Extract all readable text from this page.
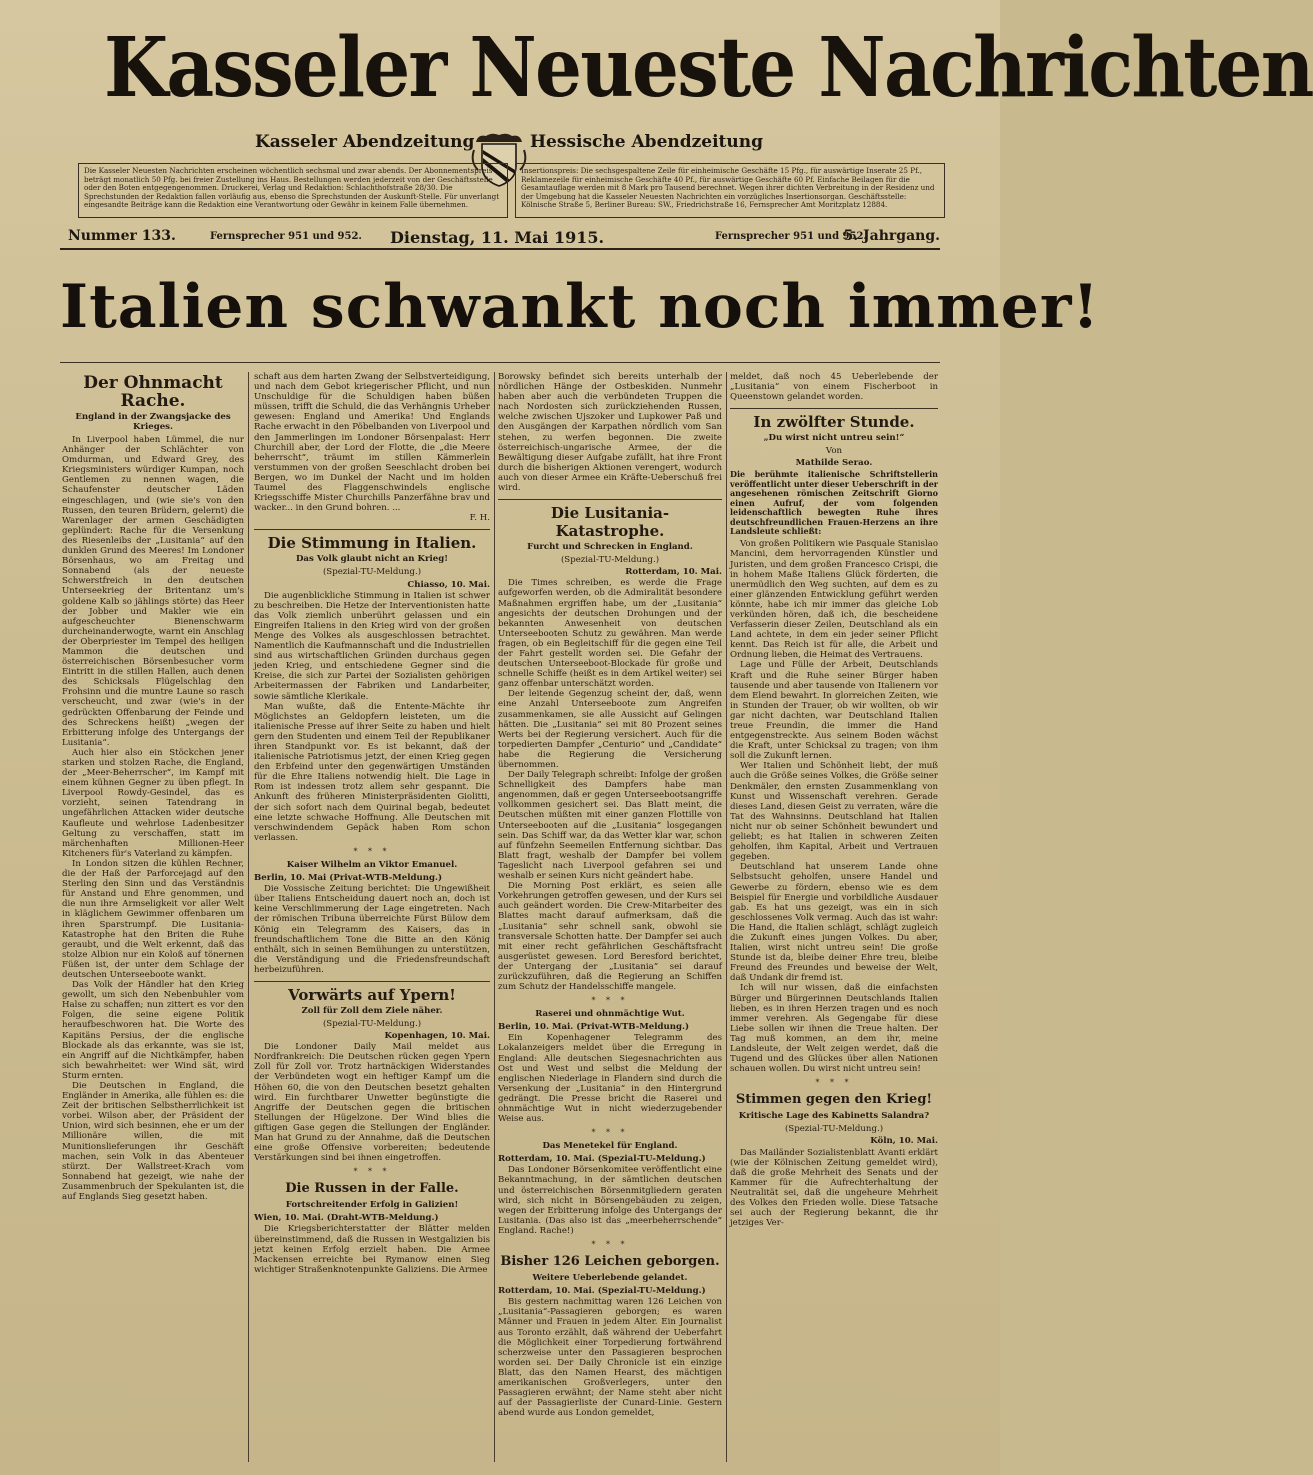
Kasseler Neueste Nachrichten
Kasseler Abendzeitung	Hessische Abendzeitung
Die Kasseler Neuesten Nachrichten erscheinen wöchentlich sechsmal und zwar abends. Der Abonnementspreis beträgt monatlich 50 Pfg. bei freier Zustellung ins Haus. Bestellungen werden jederzeit von der Geschäftsstelle oder den Boten entgegengenommen. Druckerei, Verlag und Redaktion: Schlachthofstraße 28/30. Die Sprechstunden der Redaktion fallen vorläufig aus, ebenso die Sprechstunden der Auskunft-Stelle. Für unverlangt eingesandte Beiträge kann die Redaktion eine Verantwortung oder Gewähr in keinem Falle übernehmen.
Insertionspreis: Die sechsgespaltene Zeile für einheimische Geschäfte 15 Pfg., für auswärtige Inserate 25 Pf., Reklamezeile für einheimische Geschäfte 40 Pf., für auswärtige Geschäfte 60 Pf. Einfache Beilagen für die Gesamtauflage werden mit 8 Mark pro Tausend berechnet. Wegen ihrer dichten Verbreitung in der Residenz und der Umgebung hat die Kasseler Neuesten Nachrichten ein vorzügliches Insertionsorgan. Geschäftsstelle: Kölnische Straße 5, Berliner Bureau: SW., Friedrichstraße 16, Fernsprecher Amt Moritzplatz 12884.
Nummer 133.	Fernsprecher 951 und 952. Dienstag, 11. Mai 1915.	Fernsprecher 951 und 952.
5. Jahrgang.
Italien schwankt noch immer!
Der Ohnmacht Rache.
England in der Zwangsjacke des Krieges.

In Liverpool haben Lümmel, die nur Anhänger der Schlächter von Omdurman, und Edward Grey, des Kriegsministers würdiger Kumpan, noch Gentlemen zu nennen wagen, die Schaufenster deutscher Läden eingeschlagen, und (wie sie's von den Russen, den teuren Brüdern, gelernt) die Warenlager der armen Geschädigten geplündert: Rache für die Versenkung des Riesenleibs der „Lusitania“ auf den dunklen Grund des Meeres! Im Londoner Börsenhaus, wo am Freitag und Sonnabend (als der neueste Schwerstfreich in den deutschen Unterseekrieg der Britentanz um's goldene Kalb so jählings störte) das Heer der Jobber und Makler wie ein aufgescheuchter Bienenschwarm durcheinanderwogte, warnt ein Anschlag der Oberpriester im Tempel des heiligen Mammon die deutschen und österreichischen Börsenbesucher vorm Eintritt in die stillen Hallen, auch denen des Schicksals Flügelschlag den Frohsinn und die muntre Laune so rasch verscheucht, und zwar (wie's in der gedrückten Offenbarung der Feinde und des Schreckens heißt) „wegen der Erbitterung infolge des Untergangs der Lusitania“.

Auch hier also ein Stöckchen jener starken und stolzen Rache, die England, der „Meer-Beherrscher“, im Kampf mit einem kühnen Gegner zu üben pflegt. In Liverpool Rowdy-Gesindel, das es vorzieht, seinen Tatendrang in ungefährlichen Attacken wider deutsche Kaufleute und wehrlose Ladenbesitzer Geltung zu verschaffen, statt im märchenhaften Millionen-Heer Kitcheners für's Vaterland zu kämpfen.

In London sitzen die kühlen Rechner, die der Haß der Parforcejagd auf den Sterling den Sinn und das Verständnis für Anstand und Ehre genommen, und die nun ihre Armseligkeit vor aller Welt in kläglichem Gewimmer offenbaren um ihren Sparstrumpf. Die Lusitania-Katastrophe hat den Briten die Ruhe geraubt, und die Welt erkennt, daß das stolze Albion nur ein Koloß auf tönernen Füßen ist, der unter dem Schlage der deutschen Unterseeboote wankt.

Das Volk der Händler hat den Krieg gewollt, um sich den Nebenbuhler vom Halse zu schaffen; nun zittert es vor den Folgen, die seine eigene Politik heraufbeschworen hat. Die Worte des Kapitäns Persius, der die englische Blockade als das erkannte, was sie ist, ein Angriff auf die Nichtkämpfer, haben sich bewahrheitet: wer Wind sät, wird Sturm ernten.

Die Deutschen in England, die Engländer in Amerika, alle fühlen es: die Zeit der britischen Selbstherrlichkeit ist vorbei. Wilson aber, der Präsident der Union, wird sich besinnen, ehe er um der Millionäre willen, die mit Munitionslieferungen ihr Geschäft machen, sein Volk in das Abenteuer stürzt. Der Wallstreet-Krach vom Sonnabend hat gezeigt, wie nahe der Zusammenbruch der Spekulanten ist, die auf Englands Sieg gesetzt haben.

schaft aus dem harten Zwang der Selbstverteidigung, und nach dem Gebot kriegerischer Pflicht, und nun Unschuldige für die Schuldigen haben büßen müssen, trifft die Schuld, die das Verhängnis Urheber gewesen: England und Amerika! Und Englands Rache erwacht in den Pöbelbanden von Liverpool und den Jammerlingen im Londoner Börsenpalast: Herr Churchill aber, der Lord der Flotte, die „die Meere beherrscht“, träumt im stillen Kämmerlein verstummen von der großen Seeschlacht droben bei Bergen, wo im Dunkel der Nacht und im holden Taumel des Flaggenschwindels englische Kriegsschiffe Mister Churchills Panzerfähne brav und wacker... in den Grund bohren. ...

F. H.
Die Stimmung in Italien.
Das Volk glaubt nicht an Krieg!
(Spezial-TU-Meldung.)
Chiasso, 10. Mai.

Die augenblickliche Stimmung in Italien ist schwer zu beschreiben. Die Hetze der Interventionisten hatte das Volk ziemlich unberührt gelassen und ein Eingreifen Italiens in den Krieg wird von der großen Menge des Volkes als ausgeschlossen betrachtet. Namentlich die Kaufmannschaft und die Industriellen sind aus wirtschaftlichen Gründen durchaus gegen jeden Krieg, und entschiedene Gegner sind die Kreise, die sich zur Partei der Sozialisten gehörigen Arbeitermassen der Fabriken und Landarbeiter, sowie sämtliche Klerikale.

Man wußte, daß die Entente-Mächte ihr Möglichstes an Geldopfern leisteten, um die italienische Presse auf ihrer Seite zu haben und hielt gern den Studenten und einem Teil der Republikaner ihren Standpunkt vor. Es ist bekannt, daß der italienische Patriotismus jetzt, der einen Krieg gegen den Erbfeind unter den gegenwärtigen Umständen für die Ehre Italiens notwendig hielt. Die Lage in Rom ist indessen trotz allem sehr gespannt. Die Ankunft des früheren Ministerpräsidenten Giolitti, der sich sofort nach dem Quirinal begab, bedeutet eine letzte schwache Hoffnung. Alle Deutschen mit verschwindendem Gepäck haben Rom schon verlassen.

* * *
Kaiser Wilhelm an Viktor Emanuel.
Berlin, 10. Mai (Privat-WTB-Meldung.)

Die Vossische Zeitung berichtet: Die Ungewißheit über Italiens Entscheidung dauert noch an, doch ist keine Verschlimmerung der Lage eingetreten. Nach der römischen Tribuna überreichte Fürst Bülow dem König ein Telegramm des Kaisers, das in freundschaftlichem Tone die Bitte an den König enthält, sich in seinen Bemühungen zu unterstützen, die Verständigung und die Friedensfreundschaft herbeizuführen.

Vorwärts auf Ypern!
Zoll für Zoll dem Ziele näher.
(Spezial-TU-Meldung.)
Kopenhagen, 10. Mai.

Die Londoner Daily Mail meldet aus Nordfrankreich: Die Deutschen rücken gegen Ypern Zoll für Zoll vor. Trotz hartnäckigen Widerstandes der Verbündeten wogt ein heftiger Kampf um die Höhen 60, die von den Deutschen besetzt gehalten wird. Ein furchtbarer Unwetter begünstigte die Angriffe der Deutschen gegen die britischen Stellungen der Hügelzone. Der Wind blies die giftigen Gase gegen die Stellungen der Engländer. Man hat Grund zu der Annahme, daß die Deutschen eine große Offensive vorbereiten; bedeutende Verstärkungen sind bei ihnen eingetroffen.

* * *
Die Russen in der Falle.
Fortschreitender Erfolg in Galizien!
Wien, 10. Mai. (Draht-WTB-Meldung.)

Die Kriegsberichterstatter der Blätter melden übereinstimmend, daß die Russen in Westgalizien bis jetzt keinen Erfolg erzielt haben. Die Armee Mackensen erreichte bei Rymanow einen Sieg wichtiger Straßenknotenpunkte Galiziens. Die Armee

Borowsky befindet sich bereits unterhalb der nördlichen Hänge der Ostbeskiden. Nunmehr haben aber auch die verbündeten Truppen die nach Nordosten sich zurückziehenden Russen, welche zwischen Ujszoker und Lupkower Paß und den Ausgängen der Karpathen nördlich vom San stehen, zu werfen begonnen. Die zweite österreichisch-ungarische Armee, der die Bewältigung dieser Aufgabe zufällt, hat ihre Front durch die bisherigen Aktionen verengert, wodurch auch von dieser Armee ein Kräfte-Ueberschuß frei wird.

Die Lusitania-Katastrophe.
Furcht und Schrecken in England.
(Spezial-TU-Meldung.)
Rotterdam, 10. Mai.

Die Times schreiben, es werde die Frage aufgeworfen werden, ob die Admiralität besondere Maßnahmen ergriffen habe, um der „Lusitania“ angesichts der deutschen Drohungen und der bekannten Anwesenheit von deutschen Unterseebooten Schutz zu gewähren. Man werde fragen, ob ein Begleitschiff für die gegen eine Teil der Fahrt gestellt worden sei. Die Gefahr der deutschen Unterseeboot-Blockade für große und schnelle Schiffe (heißt es in dem Artikel weiter) sei ganz offenbar unterschätzt worden.

Der leitende Gegenzug scheint der, daß, wenn eine Anzahl Unterseeboote zum Angreifen zusammenkamen, sie alle Aussicht auf Gelingen hätten. Die „Lusitania“ sei mit 80 Prozent seines Werts bei der Regierung versichert. Auch für die torpedierten Dampfer „Centurio“ und „Candidate“ habe die Regierung die Versicherung übernommen.

Der Daily Telegraph schreibt: Infolge der großen Schnelligkeit des Dampfers habe man angenommen, daß er gegen Unterseebootsangriffe vollkommen gesichert sei. Das Blatt meint, die Deutschen müßten mit einer ganzen Flottille von Unterseebooten auf die „Lusitania“ losgegangen sein. Das Schiff war, da das Wetter klar war, schon auf fünfzehn Seemeilen Entfernung sichtbar. Das Blatt fragt, weshalb der Dampfer bei vollem Tageslicht nach Liverpool gefahren sei und weshalb er seinen Kurs nicht geändert habe.

Die Morning Post erklärt, es seien alle Vorkehrungen getroffen gewesen, und der Kurs sei auch geändert worden. Die Crew-Mitarbeiter des Blattes macht darauf aufmerksam, daß die „Lusitania“ sehr schnell sank, obwohl sie transversale Schotten hatte. Der Dampfer sei auch mit einer recht gefährlichen Geschäftsfracht ausgerüstet gewesen. Lord Beresford berichtet, der Untergang der „Lusitania“ sei darauf zurückzuführen, daß die Regierung an Schiffen zum Schutz der Handelsschiffe mangele.

* * *
Raserei und ohnmächtige Wut.
Berlin, 10. Mai. (Privat-WTB-Meldung.)

Ein Kopenhagener Telegramm des Lokalanzeigers meldet über die Erregung in England: Alle deutschen Siegesnachrichten aus Ost und West und selbst die Meldung der englischen Niederlage in Flandern sind durch die Versenkung der „Lusitania“ in den Hintergrund gedrängt. Die Presse bricht die Raserei und ohnmächtige Wut in nicht wiederzugebender Weise aus.

* * *
Das Menetekel für England.
Rotterdam, 10. Mai. (Spezial-TU-Meldung.)

Das Londoner Börsenkomitee veröffentlicht eine Bekanntmachung, in der sämtlichen deutschen und österreichischen Börsenmitgliedern geraten wird, sich nicht in Börsengebäuden zu zeigen, wegen der Erbitterung infolge des Untergangs der Lusitania. (Das also ist das „meerbeherrschende“ England. Rache!)

* * *
Bisher 126 Leichen geborgen.
Weitere Ueberlebende gelandet.
Rotterdam, 10. Mai. (Spezial-TU-Meldung.)

Bis gestern nachmittag waren 126 Leichen von „Lusitania“-Passagieren geborgen; es waren Männer und Frauen in jedem Alter. Ein Journalist aus Toronto erzählt, daß während der Ueberfahrt die Möglichkeit einer Torpedierung fortwährend scherzweise unter den Passagieren besprochen worden sei. Der Daily Chronicle ist ein einzige Blatt, das den Namen Hearst, des mächtigen amerikanischen Großverlegers, unter den Passagieren erwähnt; der Name steht aber nicht auf der Passagierliste der Cunard-Linie. Gestern abend wurde aus London gemeldet,

meldet, daß noch 45 Ueberlebende der „Lusitania“ von einem Fischerboot in Queenstown gelandet worden.

In zwölfter Stunde.
„Du wirst nicht untreu sein!“
Von
Mathilde Serao.
Die berühmte italienische Schriftstellerin veröffentlicht unter dieser Ueberschrift in der angesehenen römischen Zeitschrift Giorno einen Aufruf, der vom folgenden leidenschaftlich bewegten Ruhe ihres deutschfreundlichen Frauen-Herzens an ihre Landsleute schließt:

Von großen Politikern wie Pasquale Stanislao Mancini, dem hervorragenden Künstler und Juristen, und dem großen Francesco Crispi, die in hohem Maße Italiens Glück förderten, die unermüdlich den Weg suchten, auf dem es zu einer glänzenden Entwicklung geführt werden könnte, habe ich mir immer das gleiche Lob verkünden hören, daß ich, die bescheidene Verfasserin dieser Zeilen, Deutschland als ein Land achtete, in dem ein jeder seiner Pflicht kennt. Das Reich ist für alle, die Arbeit und Ordnung lieben, die Heimat des Vertrauens.

Lage und Fülle der Arbeit, Deutschlands Kraft und die Ruhe seiner Bürger haben tausende und aber tausende von Italienern vor dem Elend bewahrt. In glorreichen Zeiten, wie in Stunden der Trauer, ob wir wollten, ob wir gar nicht dachten, war Deutschland Italien treue Freundin, die immer die Hand entgegenstreckte. Aus seinem Boden wächst die Kraft, unter Schicksal zu tragen; von ihm soll die Zukunft lernen.

Wer Italien und Schönheit liebt, der muß auch die Größe seines Volkes, die Größe seiner Denkmäler, den ernsten Zusammenklang von Kunst und Wissenschaft verehren. Gerade dieses Land, diesen Geist zu verraten, wäre die Tat des Wahnsinns. Deutschland hat Italien nicht nur ob seiner Schönheit bewundert und geliebt; es hat Italien in schweren Zeiten geholfen, ihm Kapital, Arbeit und Vertrauen gegeben.

Deutschland hat unserem Lande ohne Selbstsucht geholfen, unsere Handel und Gewerbe zu fördern, ebenso wie es dem Beispiel für Energie und vorbildliche Ausdauer gab. Es hat uns gezeigt, was ein in sich geschlossenes Volk vermag. Auch das ist wahr: Die Hand, die Italien schlägt, schlägt zugleich die Zukunft eines jungen Volkes. Du aber, Italien, wirst nicht untreu sein! Die große Stunde ist da, bleibe deiner Ehre treu, bleibe Freund des Freundes und beweise der Welt, daß Undank dir fremd ist.

Ich will nur wissen, daß die einfachsten Bürger und Bürgerinnen Deutschlands Italien lieben, es in ihren Herzen tragen und es noch immer verehren. Als Gegengabe für diese Liebe sollen wir ihnen die Treue halten. Der Tag muß kommen, an dem ihr, meine Landsleute, der Welt zeigen werdet, daß die Tugend und des Glückes über allen Nationen schauen wollen. Du wirst nicht untreu sein!

* * *
Stimmen gegen den Krieg!
Kritische Lage des Kabinetts Salandra?
(Spezial-TU-Meldung.)
Köln, 10. Mai.

Das Mailänder Sozialistenblatt Avanti erklärt (wie der Kölnischen Zeitung gemeldet wird), daß die große Mehrheit des Senats und der Kammer für die Aufrechterhaltung der Neutralität sei, daß die ungeheure Mehrheit des Volkes den Frieden wolle. Diese Tatsache sei auch der Regierung bekannt, die ihr jetziges Ver-
